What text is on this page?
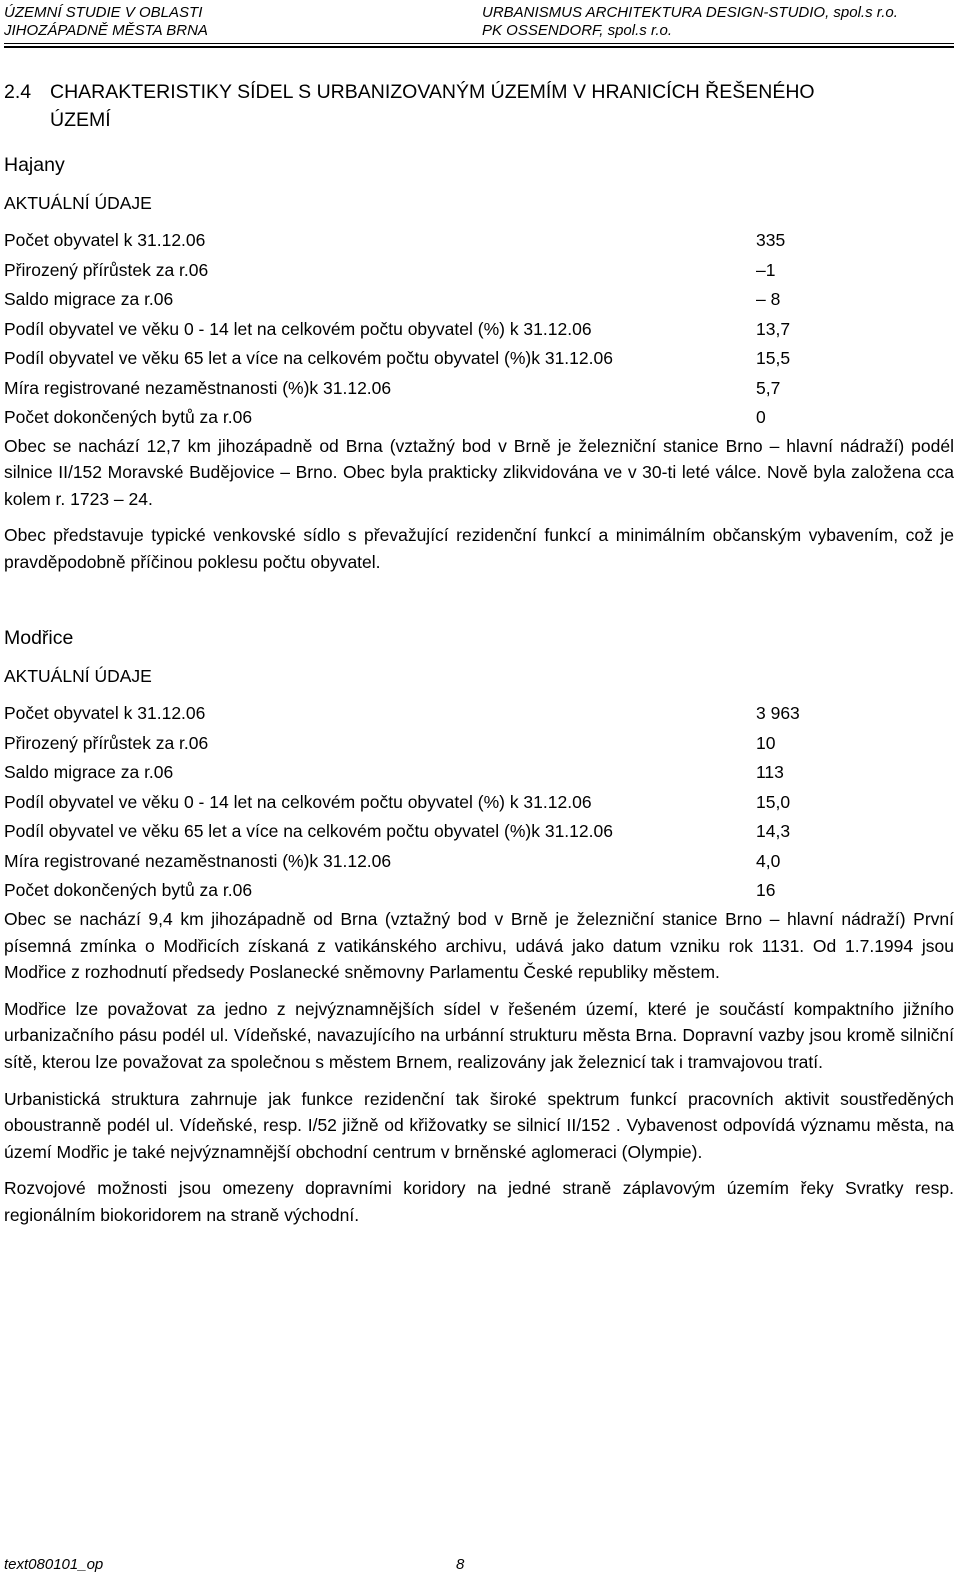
ÚZEMNÍ STUDIE V OBLASTI
JIHOZÁPADNĚ MĚSTA BRNA
URBANISMUS ARCHITEKTURA DESIGN-STUDIO, spol.s r.o.
PK OSSENDORF, spol.s r.o.
2.4 CHARAKTERISTIKY SÍDEL S URBANIZOVANÝM ÚZEMÍM V HRANICÍCH ŘEŠENÉHO
ÚZEMÍ
Hajany
AKTUÁLNÍ ÚDAJE
Počet obyvatel k 31.12.06	335
Přirozený přírůstek za r.06	–1
Saldo migrace za r.06	– 8
Podíl obyvatel ve věku 0 - 14 let na celkovém počtu obyvatel (%) k 31.12.06	13,7
Podíl obyvatel ve věku 65 let a více na celkovém počtu obyvatel (%)k 31.12.06	15,5
Míra registrované nezaměstnanosti (%)k 31.12.06	5,7
Počet dokončených bytů za r.06	0

Obec se nachází 12,7 km jihozápadně od Brna (vztažný bod v Brně je železniční stanice Brno – hlavní nádraží) podél silnice II/152 Moravské Budějovice – Brno. Obec byla prakticky zlikvidována ve v 30-ti leté válce. Nově byla založena cca kolem r. 1723 – 24.

Obec představuje typické venkovské sídlo s převažující rezidenční funkcí a minimálním občanským vybavením, což je pravděpodobně příčinou poklesu počtu obyvatel.

Modřice
AKTUÁLNÍ ÚDAJE
Počet obyvatel k 31.12.06	3 963
Přirozený přírůstek za r.06	10
Saldo migrace za r.06	113
Podíl obyvatel ve věku 0 - 14 let na celkovém počtu obyvatel (%) k 31.12.06	15,0
Podíl obyvatel ve věku 65 let a více na celkovém počtu obyvatel (%)k 31.12.06	14,3
Míra registrované nezaměstnanosti (%)k 31.12.06	4,0
Počet dokončených bytů za r.06	16

Obec se nachází 9,4 km jihozápadně od Brna (vztažný bod v Brně je železniční stanice Brno – hlavní nádraží) První písemná zmínka o Modřicích získaná z vatikánského archivu, udává jako datum vzniku rok 1131. Od 1.7.1994 jsou Modřice z rozhodnutí předsedy Poslanecké sněmovny Parlamentu České republiky městem.

Modřice lze považovat za jedno z nejvýznamnějších sídel v řešeném území, které je součástí kompaktního jižního urbanizačního pásu podél ul. Vídeňské, navazujícího na urbánní strukturu města Brna. Dopravní vazby jsou kromě silniční sítě, kterou lze považovat za společnou s městem Brnem, realizovány jak železnicí tak i tramvajovou tratí.

Urbanistická struktura zahrnuje jak funkce rezidenční tak široké spektrum funkcí pracovních aktivit soustředěných oboustranně podél ul. Vídeňské, resp. I/52 jižně od křižovatky se silnicí II/152 . Vybavenost odpovídá významu města, na území Modřic je také nejvýznamnější obchodní centrum v brněnské aglomeraci (Olympie).

Rozvojové možnosti jsou omezeny dopravními koridory na jedné straně záplavovým územím řeky Svratky resp. regionálním biokoridorem na straně východní.

text080101_op	8
